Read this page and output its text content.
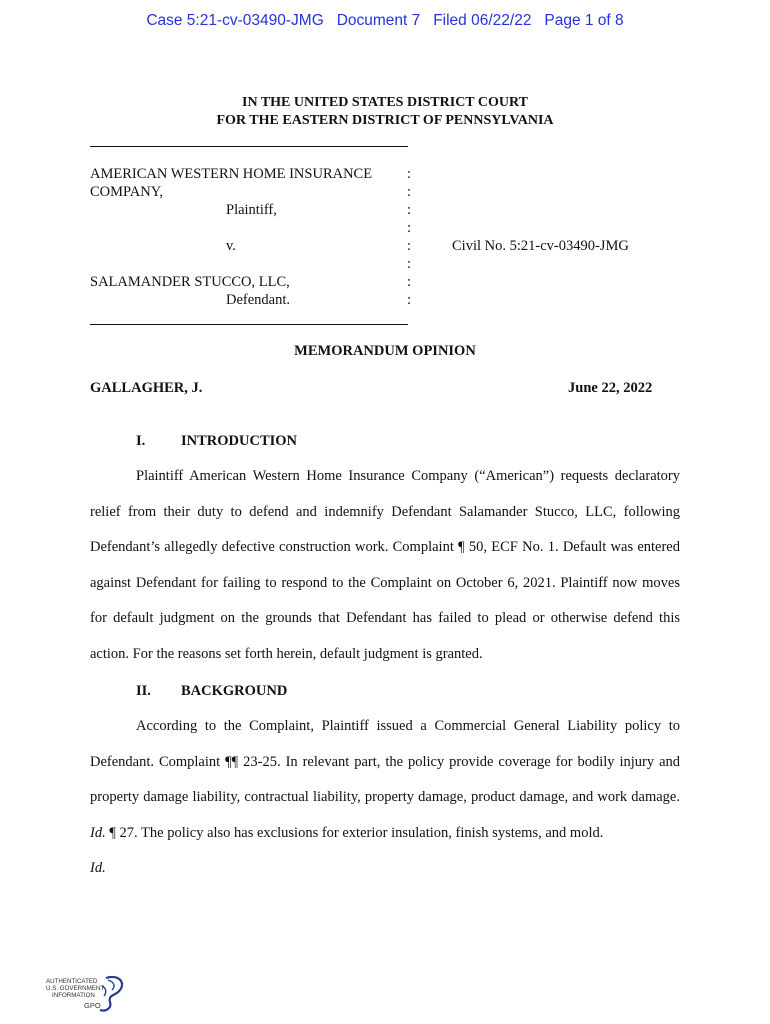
Case 5:21-cv-03490-JMG Document 7 Filed 06/22/22 Page 1 of 8
IN THE UNITED STATES DISTRICT COURT
FOR THE EASTERN DISTRICT OF PENNSYLVANIA
AMERICAN WESTERN HOME INSURANCE
COMPANY,
Plaintiff,
v.
SALAMANDER STUCCO, LLC,
Defendant.
:
:
:
:
:
:
:
:
Civil No. 5:21-cv-03490-JMG
MEMORANDUM OPINION
GALLAGHER, J.	June 22, 2022
I. INTRODUCTION
Plaintiff American Western Home Insurance Company (“American”) requests declaratory relief from their duty to defend and indemnify Defendant Salamander Stucco, LLC, following Defendant’s allegedly defective construction work. Complaint ¶ 50, ECF No. 1. Default was entered against Defendant for failing to respond to the Complaint on October 6, 2021. Plaintiff now moves for default judgment on the grounds that Defendant has failed to plead or otherwise defend this action. For the reasons set forth herein, default judgment is granted.
II. BACKGROUND
According to the Complaint, Plaintiff issued a Commercial General Liability policy to Defendant. Complaint ¶¶ 23-25. In relevant part, the policy provide coverage for bodily injury and property damage liability, contractual liability, property damage, product damage, and work damage. Id. ¶ 27. The policy also has exclusions for exterior insulation, finish systems, and mold.
Id.
AUTHENTICATED
U.S. GOVERNMENT
INFORMATION
GPO
